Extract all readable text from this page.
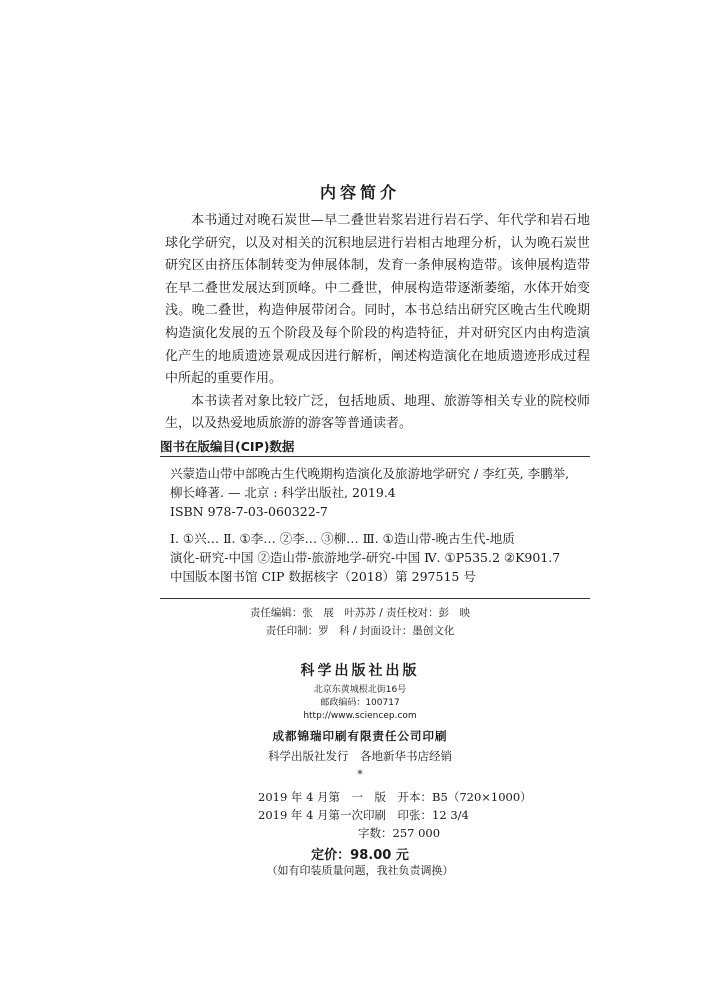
内容简介

本书通过对晚石炭世—早二叠世岩浆岩进行岩石学、年代学和岩石地球化学研究，以及对相关的沉积地层进行岩相古地理分析，认为晚石炭世研究区由挤压体制转变为伸展体制，发育一条伸展构造带。该伸展构造带在早二叠世发展达到顶峰。中二叠世，伸展构造带逐渐萎缩，水体开始变浅。晚二叠世，构造伸展带闭合。同时，本书总结出研究区晚古生代晚期构造演化发展的五个阶段及每个阶段的构造特征，并对研究区内由构造演化产生的地质遗迹景观成因进行解析，阐述构造演化在地质遗迹形成过程中所起的重要作用。

本书读者对象比较广泛，包括地质、地理、旅游等相关专业的院校师生，以及热爱地质旅游的游客等普通读者。

图书在版编目(CIP)数据
兴蒙造山带中部晚古生代晚期构造演化及旅游地学研究 / 李红英, 李鹏举,
柳长峰著. — 北京 : 科学出版社, 2019.4
ISBN 978-7-03-060322-7
Ⅰ. ①兴… Ⅱ. ①李… ②李… ③柳… Ⅲ. ①造山带-晚古生代-地质
演化-研究-中国 ②造山带-旅游地学-研究-中国 Ⅳ. ①P535.2 ②K901.7
中国版本图书馆 CIP 数据核字（2018）第 297515 号
责任编辑：张　展　叶苏苏 / 责任校对：彭　映
责任印制：罗　科 / 封面设计：墨创文化
科学出版社出版
北京东黄城根北街16号
邮政编码：100717
http://www.sciencep.com
成都锦瑞印刷有限责任公司印刷
科学出版社发行　各地新华书店经销
*
2019 年 4 月第　一　版　开本：B5（720×1000）
2019 年 4 月第一次印刷　印张：12 3/4
字数：257 000
定价：98.00 元
（如有印装质量问题，我社负责调换）
